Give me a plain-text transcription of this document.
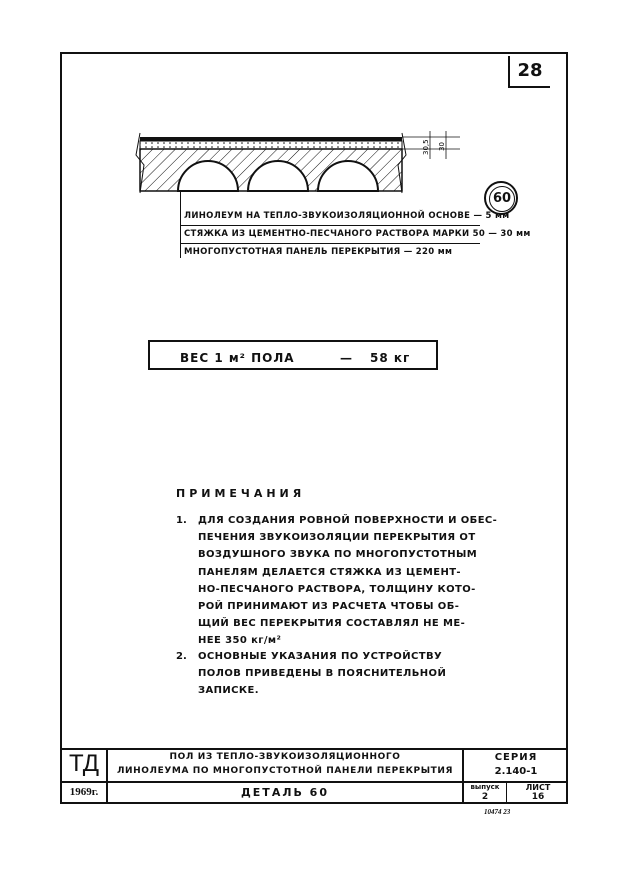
28
30,5 30
ЛИНОЛЕУМ НА ТЕПЛО-ЗВУКОИЗОЛЯЦИОННОЙ ОСНОВЕ — 5 мм
СТЯЖКА ИЗ ЦЕМЕНТНО-ПЕСЧАНОГО РАСТВОРА МАРКИ 50 — 30 мм
МНОГОПУСТОТНАЯ ПАНЕЛЬ ПЕРЕКРЫТИЯ — 220 мм
60
ВЕС 1 м² ПОЛА	— 58 кг
ПРИМЕЧАНИЯ
1. ДЛЯ СОЗДАНИЯ РОВНОЙ ПОВЕРХНОСТИ И ОБЕС-
ПЕЧЕНИЯ ЗВУКОИЗОЛЯЦИИ ПЕРЕКРЫТИЯ ОТ
ВОЗДУШНОГО ЗВУКА ПО МНОГОПУСТОТНЫМ
ПАНЕЛЯМ ДЕЛАЕТСЯ СТЯЖКА ИЗ ЦЕМЕНТ-
НО-ПЕСЧАНОГО РАСТВОРА, ТОЛЩИНУ КОТО-
РОЙ ПРИНИМАЮТ ИЗ РАСЧЕТА ЧТОБЫ ОБ-
ЩИЙ ВЕС ПЕРЕКРЫТИЯ СОСТАВЛЯЛ НЕ МЕ-
НЕЕ 350 кг/м²
2. ОСНОВНЫЕ УКАЗАНИЯ ПО УСТРОЙСТВУ
ПОЛОВ ПРИВЕДЕНЫ В ПОЯСНИТЕЛЬНОЙ
ЗАПИСКЕ.
ТД
1969г.
ПОЛ ИЗ ТЕПЛО-ЗВУКОИЗОЛЯЦИОННОГО
ЛИНОЛЕУМА ПО МНОГОПУСТОТНОЙ ПАНЕЛИ ПЕРЕКРЫТИЯ
ДЕТАЛЬ 60
СЕРИЯ
2.140-1
выпуск
2
ЛИСТ
16
10474 23
